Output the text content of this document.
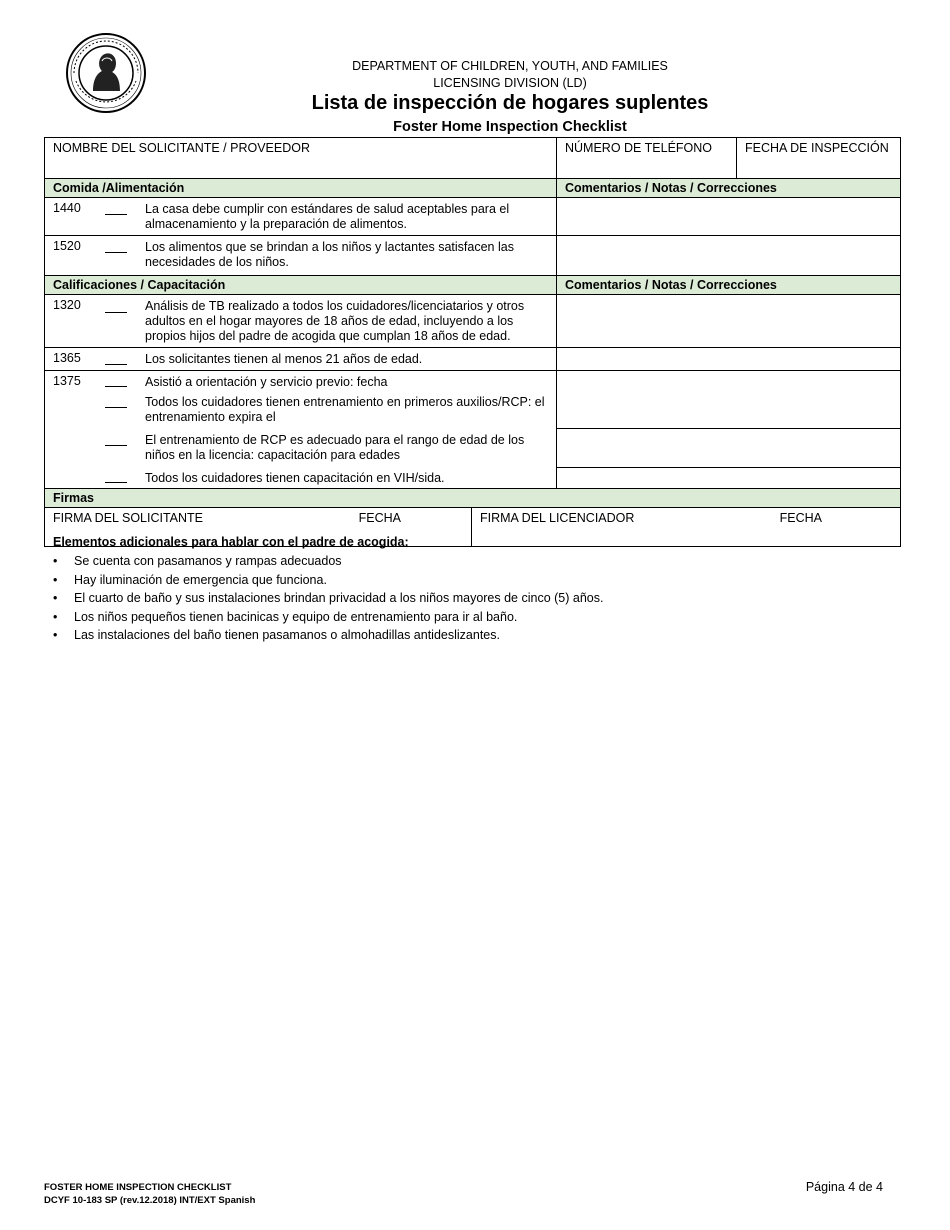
DEPARTMENT OF CHILDREN, YOUTH, AND FAMILIES
LICENSING DIVISION (LD)
Lista de inspección de hogares suplentes
Foster Home Inspection Checklist
NOMBRE DEL SOLICITANTE / PROVEEDOR	NÚMERO DE TELÉFONO	FECHA DE INSPECCIÓN
Comida /Alimentación	Comentarios / Notas / Correcciones	

1440 La casa debe cumplir con estándares de salud aceptables para el almacenamiento y la preparación de alimentos.		

1520 Los alimentos que se brindan a los niños y lactantes satisfacen las necesidades de los niños.		

Calificaciones / Capacitación	Comentarios / Notas / Correcciones	

1320 Análisis de TB realizado a todos los cuidadores/licenciatarios y otros adultos en el hogar mayores de 18 años de edad, incluyendo a los propios hijos del padre de acogida que cumplan 18 años de edad.		

1365 Los solicitantes tienen al menos 21 años de edad.		

1375 Asistió a orientación y servicio previo: fecha
Todos los cuidadores tienen entrenamiento en primeros auxilios/RCP: el entrenamiento expira el
El entrenamiento de RCP es adecuado para el rango de edad de los niños en la licencia: capacitación para edades
Todos los cuidadores tienen capacitación en VIH/sida.		

Firmas		

FIRMA DEL SOLICITANTE FECHA FIRMA DEL LICENCIADOR FECHA		
Elementos adicionales para hablar con el padre de acogida:
• Se cuenta con pasamanos y rampas adecuados
• Hay iluminación de emergencia que funciona.
• El cuarto de baño y sus instalaciones brindan privacidad a los niños mayores de cinco (5) años.
• Los niños pequeños tienen bacinicas y equipo de entrenamiento para ir al baño.
• Las instalaciones del baño tienen pasamanos o almohadillas antideslizantes.
FOSTER HOME INSPECTION CHECKLIST
DCYF 10-183 SP (rev.12.2018) INT/EXT Spanish
Página 4 de 4
